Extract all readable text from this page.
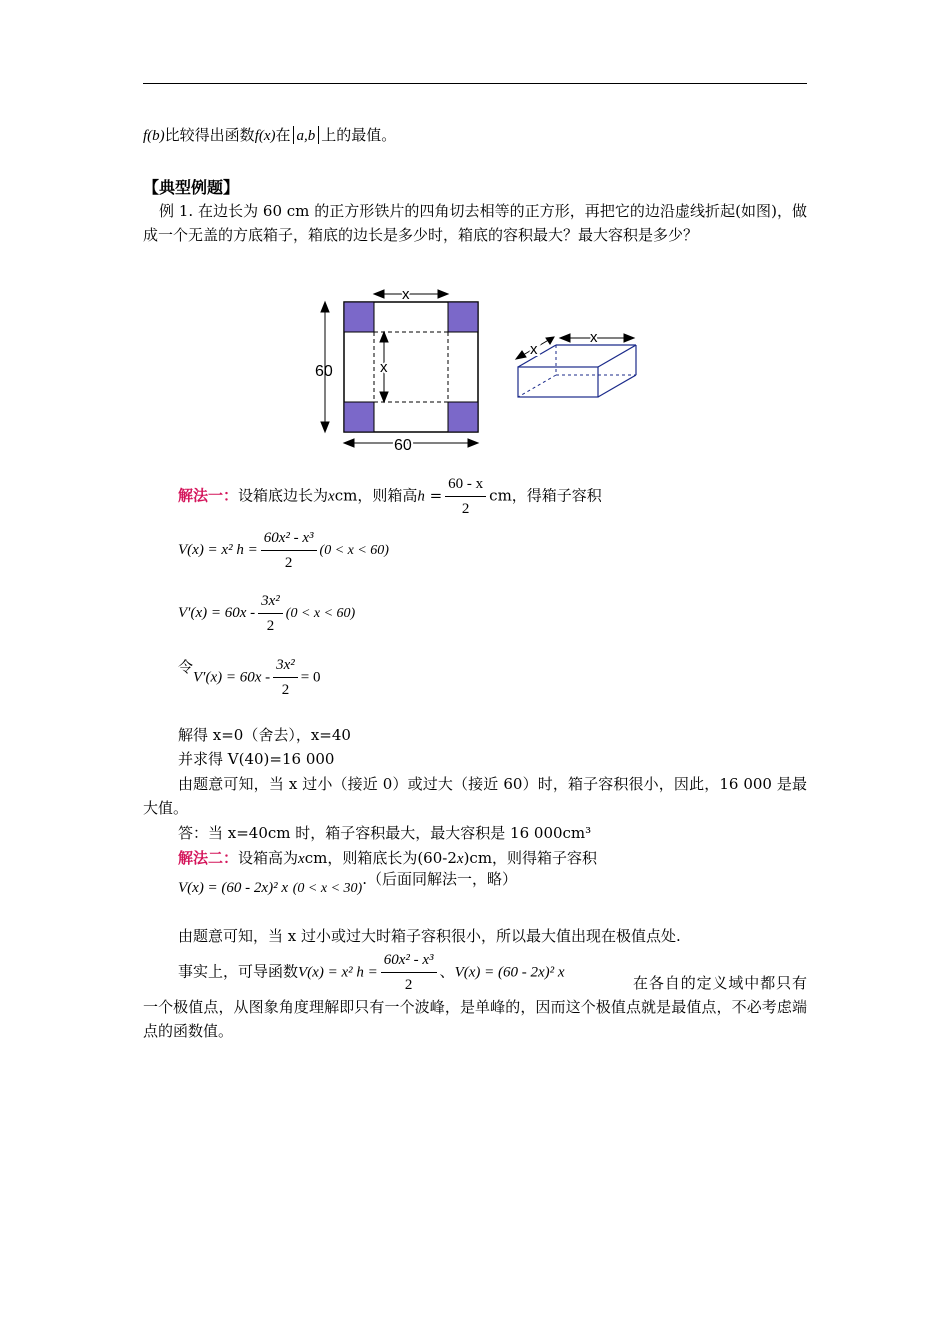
f(b)比较得出函数f(x)在 a,b 上的最值。
【典型例题】
例 1. 在边长为 60 cm 的正方形铁片的四角切去相等的正方形，再把它的边沿虚线折起(如图)，做成一个无盖的方底箱子，箱底的边长是多少时，箱底的容积最大？最大容积是多少？
60
60
x
x
x
x
解法一：设箱底边长为xcm，则箱高$h = \frac{60 - x}{2}$ cm，得箱子容积
V(x) = x² $h = \frac{\text{60x² - x³}}{2} (0 < x < 60)$
$V'(x) = 60x - \frac{\text{3x²}}{2} (0 < x < 60)$
令$V'(x) = 60x - \frac{\text{3x²}}{2} = 0$
解得 x=0（舍去），x=40
并求得 V(40)=16 000
由题意可知，当 x 过小（接近 0）或过大（接近 60）时，箱子容积很小，因此，16 000 是最大值。
答：当 x=40cm 时，箱子容积最大，最大容积是 16 000cm³
解法二：设箱高为xcm，则箱底长为(60-2x)cm，则得箱子容积
V(x) = (60 - 2x)² x (0 < x < 30).（后面同解法一，略）
由题意可知，当 x 过小或过大时箱子容积很小，所以最大值出现在极值点处.
事实上，可导函数V(x) = x² $h = \frac{\text{60x² - x³}}{2}$ 、V(x) = (60 - 2x)² x
在各自的定义域中都只有一个极值点，从图象角度理解即只有一个波峰，是单峰的，因而这个极值点就是最值点，不必考虑端点的函数值。
